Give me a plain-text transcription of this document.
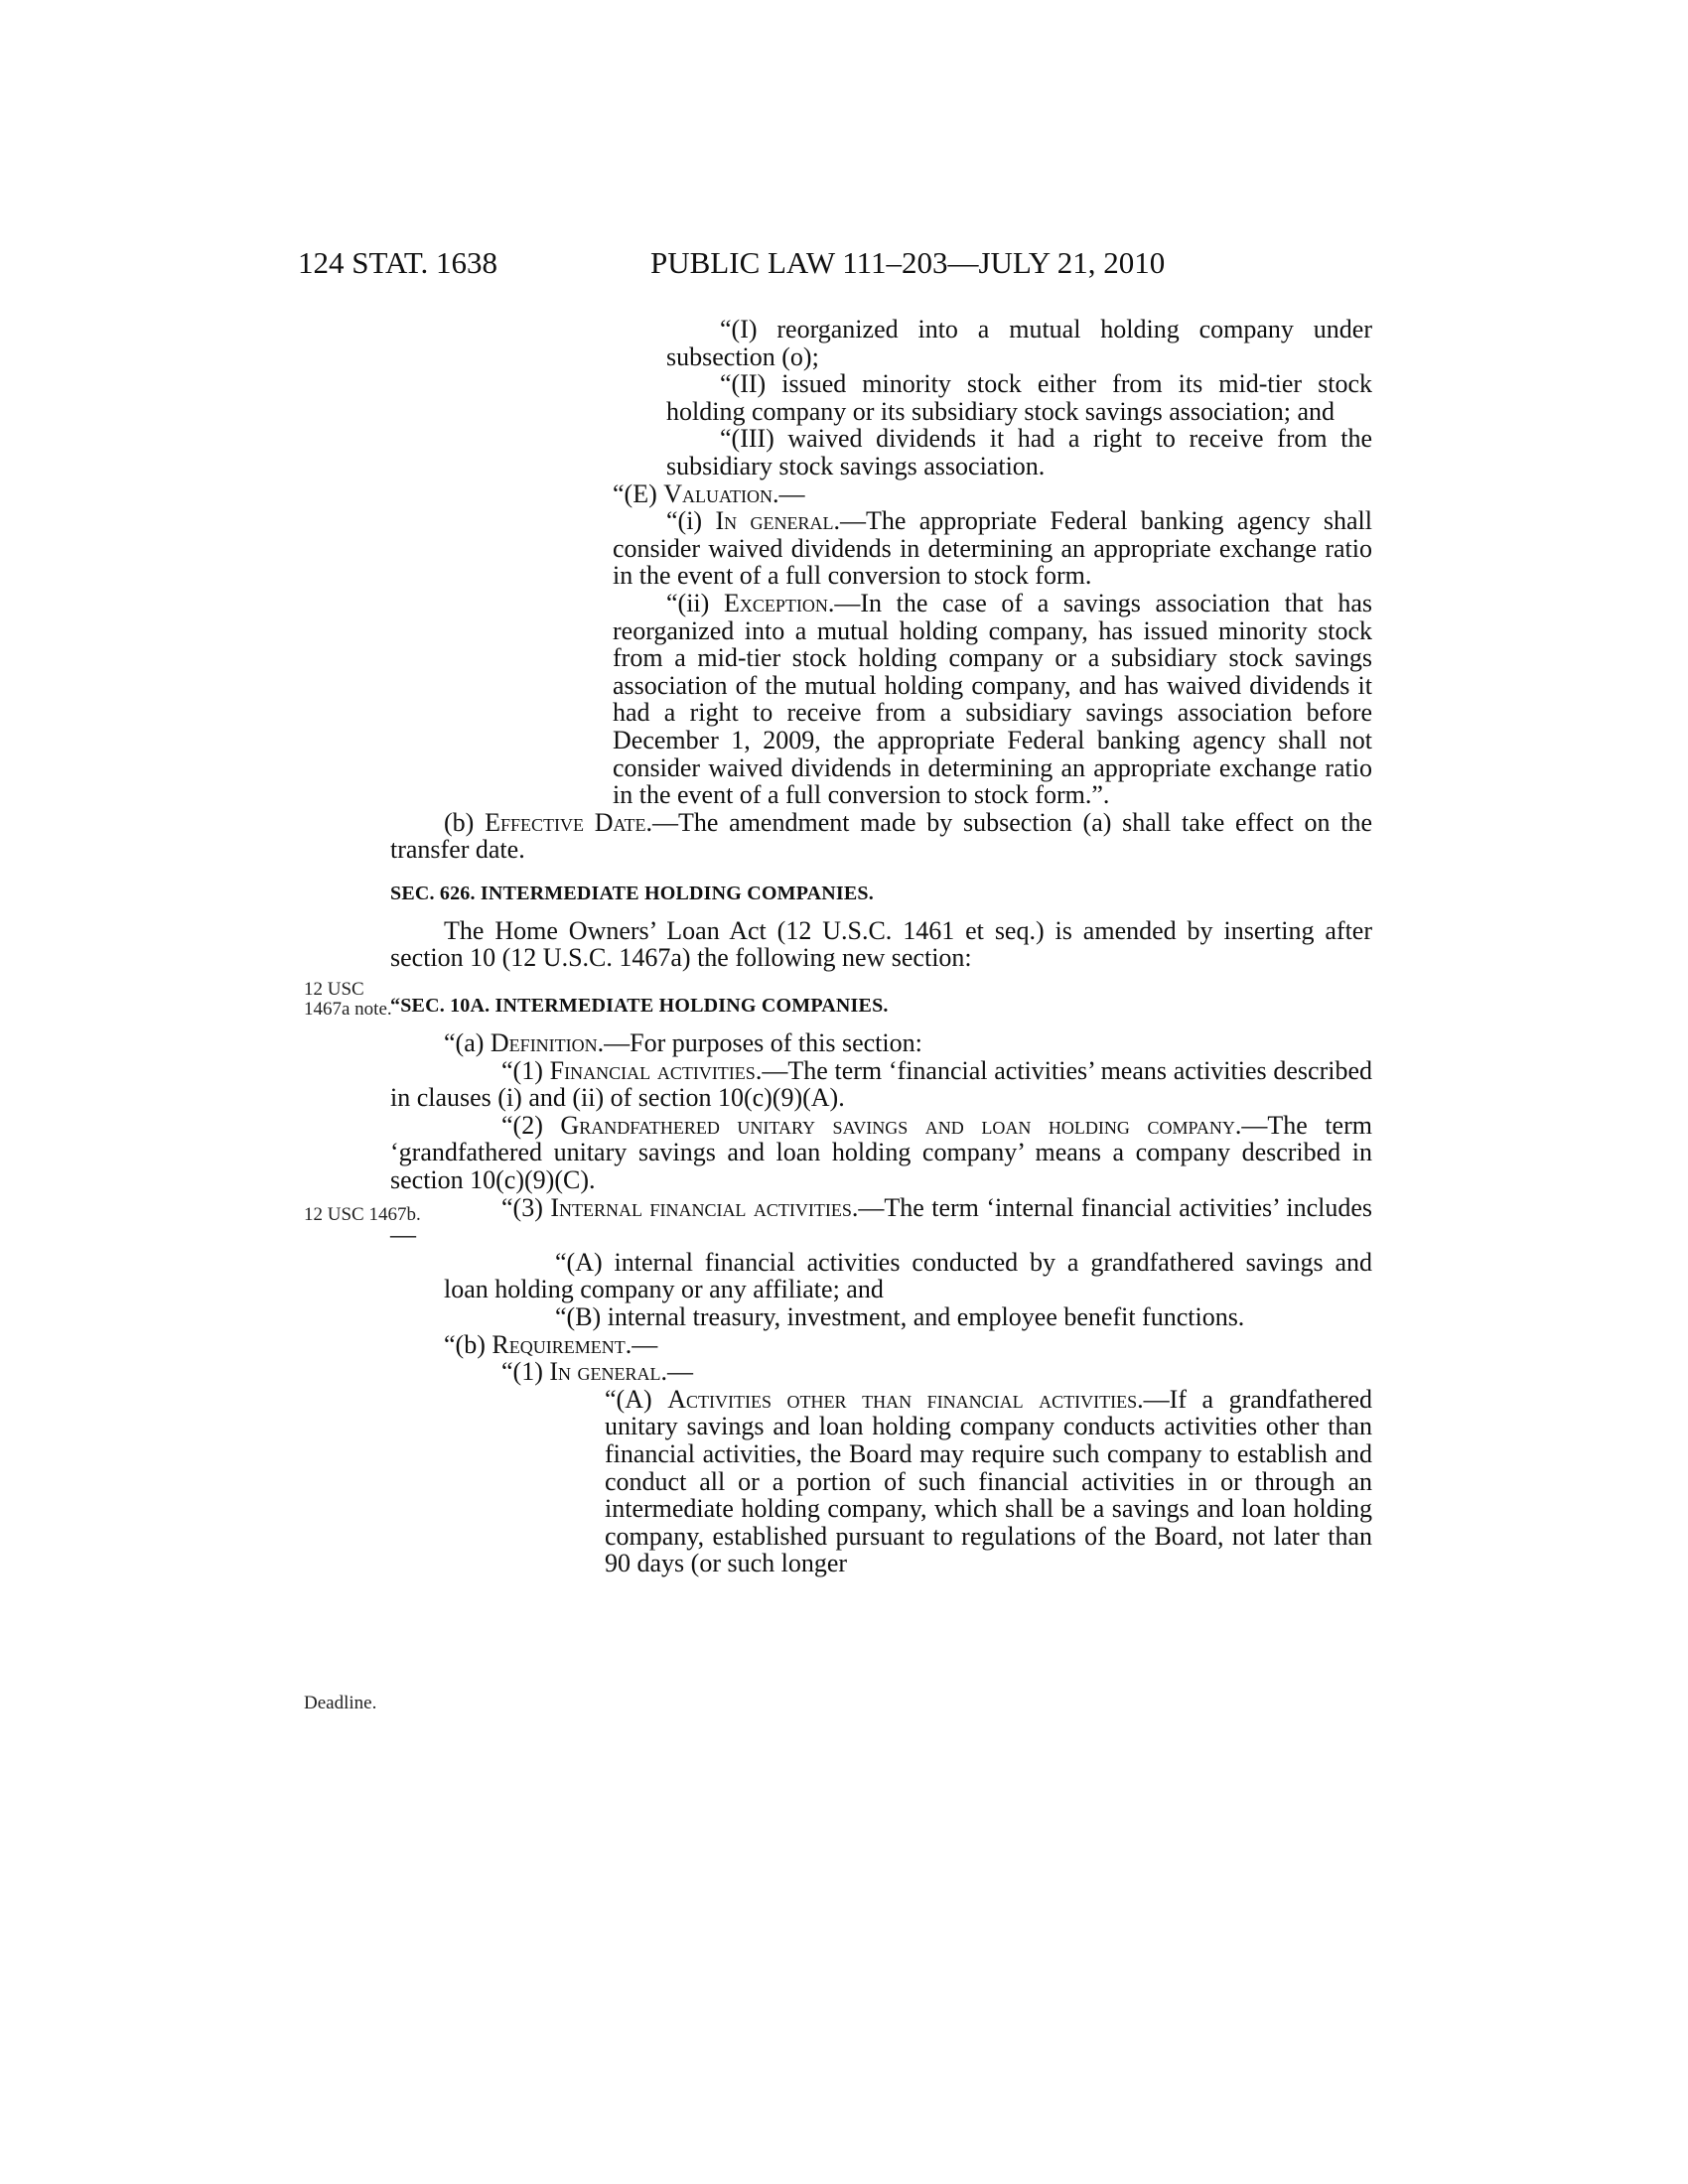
124 STAT. 1638	PUBLIC LAW 111–203—JULY 21, 2010
12 USC 1467a note.
12 USC 1467b.
Deadline.

“(I) reorganized into a mutual holding company under subsection (o);

“(II) issued minority stock either from its mid-tier stock holding company or its subsidiary stock savings association; and

“(III) waived dividends it had a right to receive from the subsidiary stock savings association.

“(E) Valuation.—

“(i) In general.—The appropriate Federal banking agency shall consider waived dividends in determining an appropriate exchange ratio in the event of a full conversion to stock form.

“(ii) Exception.—In the case of a savings association that has reorganized into a mutual holding company, has issued minority stock from a mid-tier stock holding company or a subsidiary stock savings association of the mutual holding company, and has waived dividends it had a right to receive from a subsidiary savings association before December 1, 2009, the appropriate Federal banking agency shall not consider waived dividends in determining an appropriate exchange ratio in the event of a full conversion to stock form.”.

(b) Effective Date.—The amendment made by subsection (a) shall take effect on the transfer date.

SEC. 626. INTERMEDIATE HOLDING COMPANIES.

The Home Owners’ Loan Act (12 U.S.C. 1461 et seq.) is amended by inserting after section 10 (12 U.S.C. 1467a) the following new section:

“SEC. 10A. INTERMEDIATE HOLDING COMPANIES.

“(a) Definition.—For purposes of this section:

“(1) Financial activities.—The term ‘financial activities’ means activities described in clauses (i) and (ii) of section 10(c)(9)(A).

“(2) Grandfathered unitary savings and loan holding company.—The term ‘grandfathered unitary savings and loan holding company’ means a company described in section 10(c)(9)(C).

“(3) Internal financial activities.—The term ‘internal financial activities’ includes—

“(A) internal financial activities conducted by a grandfathered savings and loan holding company or any affiliate; and

“(B) internal treasury, investment, and employee benefit functions.

“(b) Requirement.—

“(1) In general.—

“(A) Activities other than financial activities.—If a grandfathered unitary savings and loan holding company conducts activities other than financial activities, the Board may require such company to establish and conduct all or a portion of such financial activities in or through an intermediate holding company, which shall be a savings and loan holding company, established pursuant to regulations of the Board, not later than 90 days (or such longer
